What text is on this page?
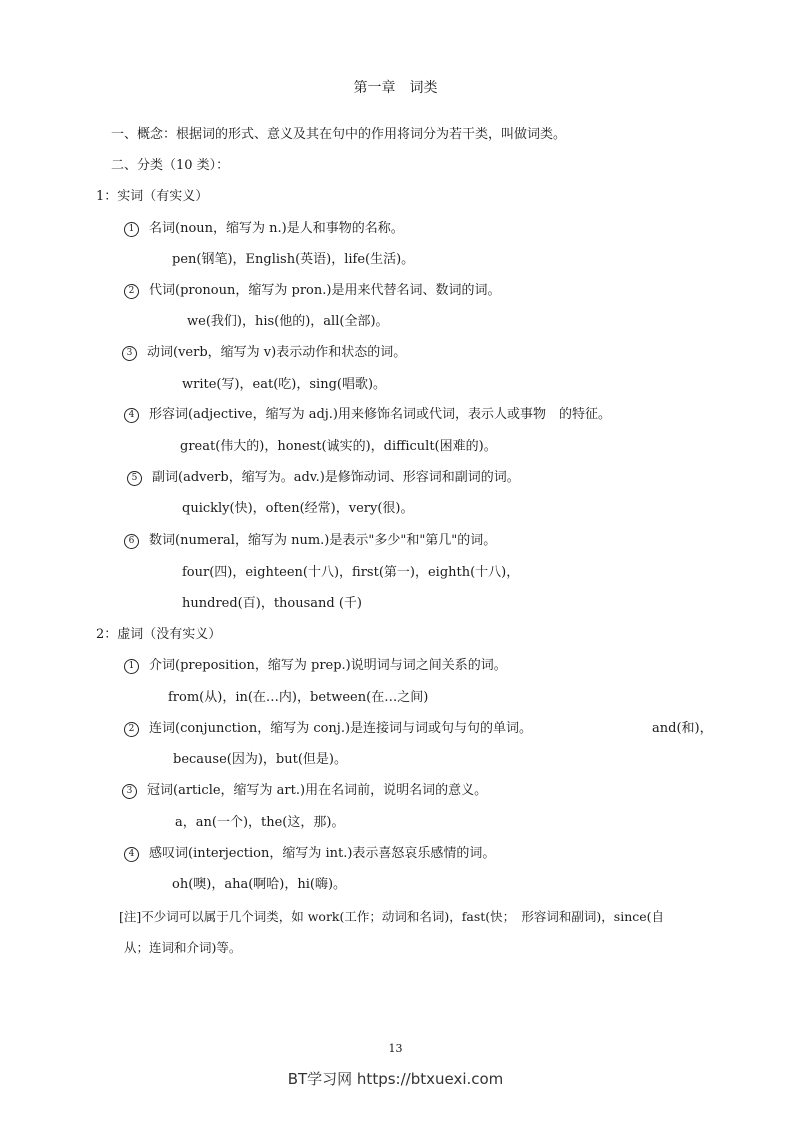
第一章　词类
一、概念：根据词的形式、意义及其在句中的作用将词分为若干类，叫做词类。
二、分类（10 类）：
1：实词（有实义）
1 名词(noun，缩写为 n.)是人和事物的名称。
pen(钢笔)，English(英语)，life(生活)。
2 代词(pronoun，缩写为 pron.)是用来代替名词、数词的词。
we(我们)，his(他的)，all(全部)。
3 动词(verb，缩写为 v)表示动作和状态的词。
write(写)，eat(吃)，sing(唱歌)。
4 形容词(adjective，缩写为 adj.)用来修饰名词或代词，表示人或事物　的特征。
great(伟大的)，honest(诚实的)，difficult(困难的)。
5 副词(adverb，缩写为。adv.)是修饰动词、形容词和副词的词。
quickly(快)，often(经常)，very(很)。
6 数词(numeral，缩写为 num.)是表示"多少"和"第几"的词。
four(四)，eighteen(十八)，first(第一)，eighth(十八)，
hundred(百)，thousand (千)
2：虚词（没有实义）
1 介词(preposition，缩写为 prep.)说明词与词之间关系的词。
from(从)，in(在…内)，between(在…之间)
2 连词(conjunction，缩写为 conj.)是连接词与词或句与句的单词。	and(和)，
because(因为)，but(但是)。
3 冠词(article，缩写为 art.)用在名词前，说明名词的意义。
a，an(一个)，the(这，那)。
4 感叹词(interjection，缩写为 int.)表示喜怒哀乐感情的词。
oh(噢)，aha(啊哈)，hi(嗨)。
[注]不少词可以属于几个词类，如 work(工作；动词和名词)，fast(快；　形容词和副词)，since(自
从；连词和介词)等。
13
BT学习网 https://btxuexi.com
